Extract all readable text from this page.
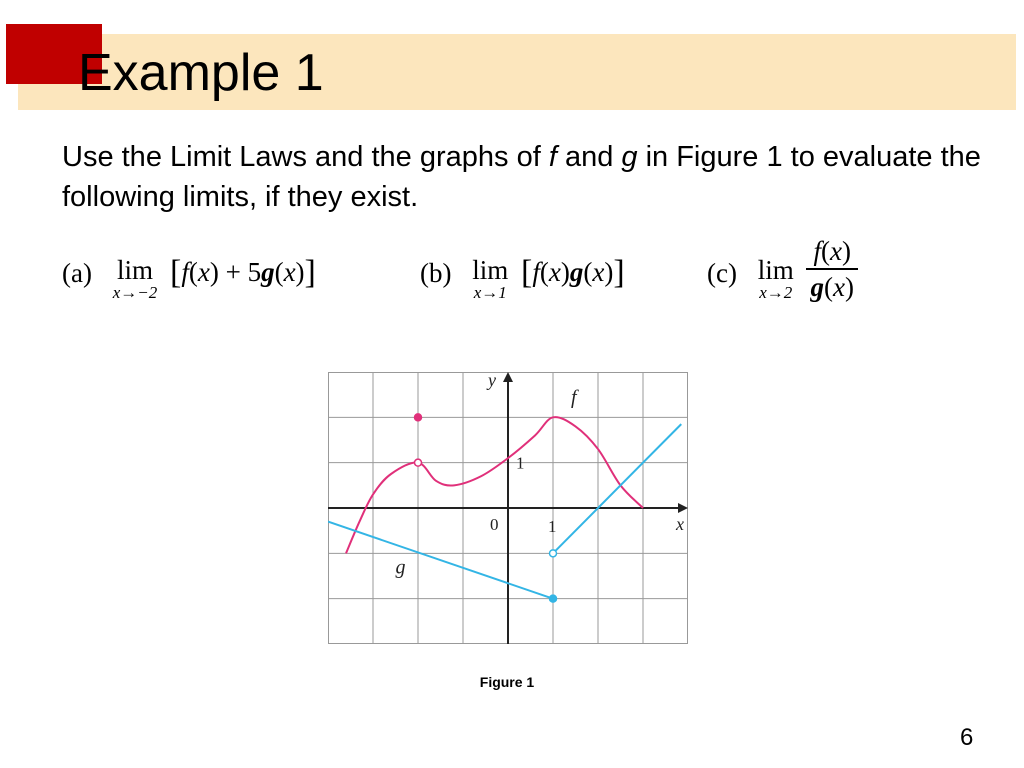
Example 1
Use the Limit Laws and the graphs of f and g in Figure 1 to evaluate the following limits, if they exist.
(a) lim
x→−2
[f(x) + 5g(x)]	(b) lim
x→1
[f(x)g(x)]	(c) lim
x→2
$\frac{f(x)}{g(x)}$
y
x
0	1
1
f
g
Figure 1
6
